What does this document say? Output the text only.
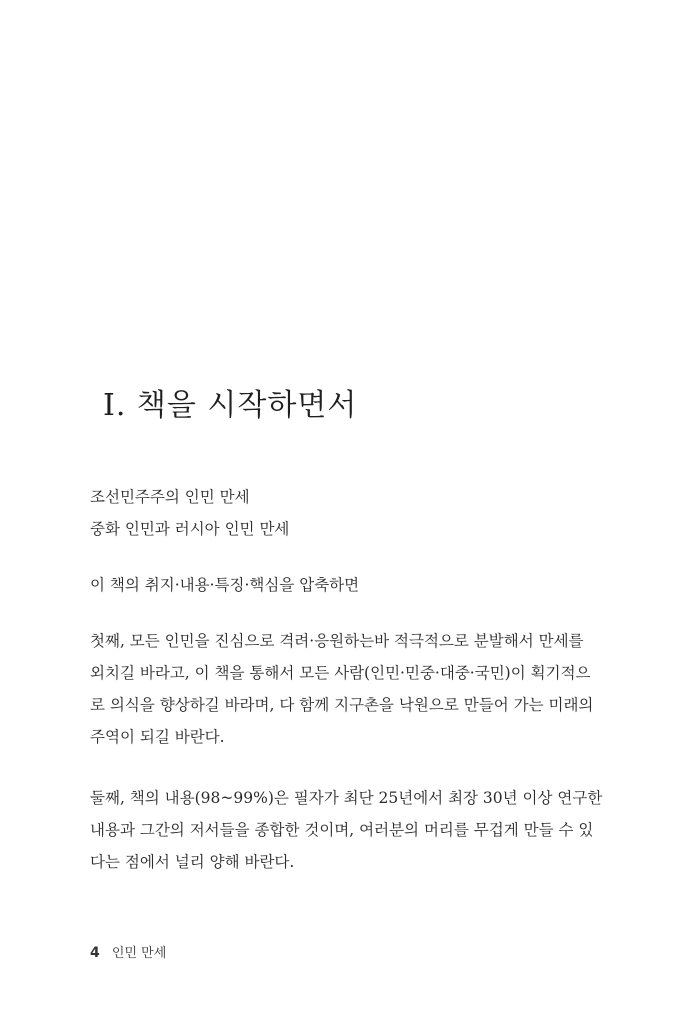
I. 책을 시작하면서
조선민주주의 인민 만세
중화 인민과 러시아 인민 만세
이 책의 취지·내용·특징·핵심을 압축하면
첫째, 모든 인민을 진심으로 격려·응원하는바 적극적으로 분발해서 만세를
외치길 바라고, 이 책을 통해서 모든 사람(인민·민중·대중·국민)이 획기적으
로 의식을 향상하길 바라며, 다 함께 지구촌을 낙원으로 만들어 가는 미래의
주역이 되길 바란다.
둘째, 책의 내용(98~99%)은 필자가 최단 25년에서 최장 30년 이상 연구한
내용과 그간의 저서들을 종합한 것이며, 여러분의 머리를 무겁게 만들 수 있
다는 점에서 널리 양해 바란다.
4 인민 만세
